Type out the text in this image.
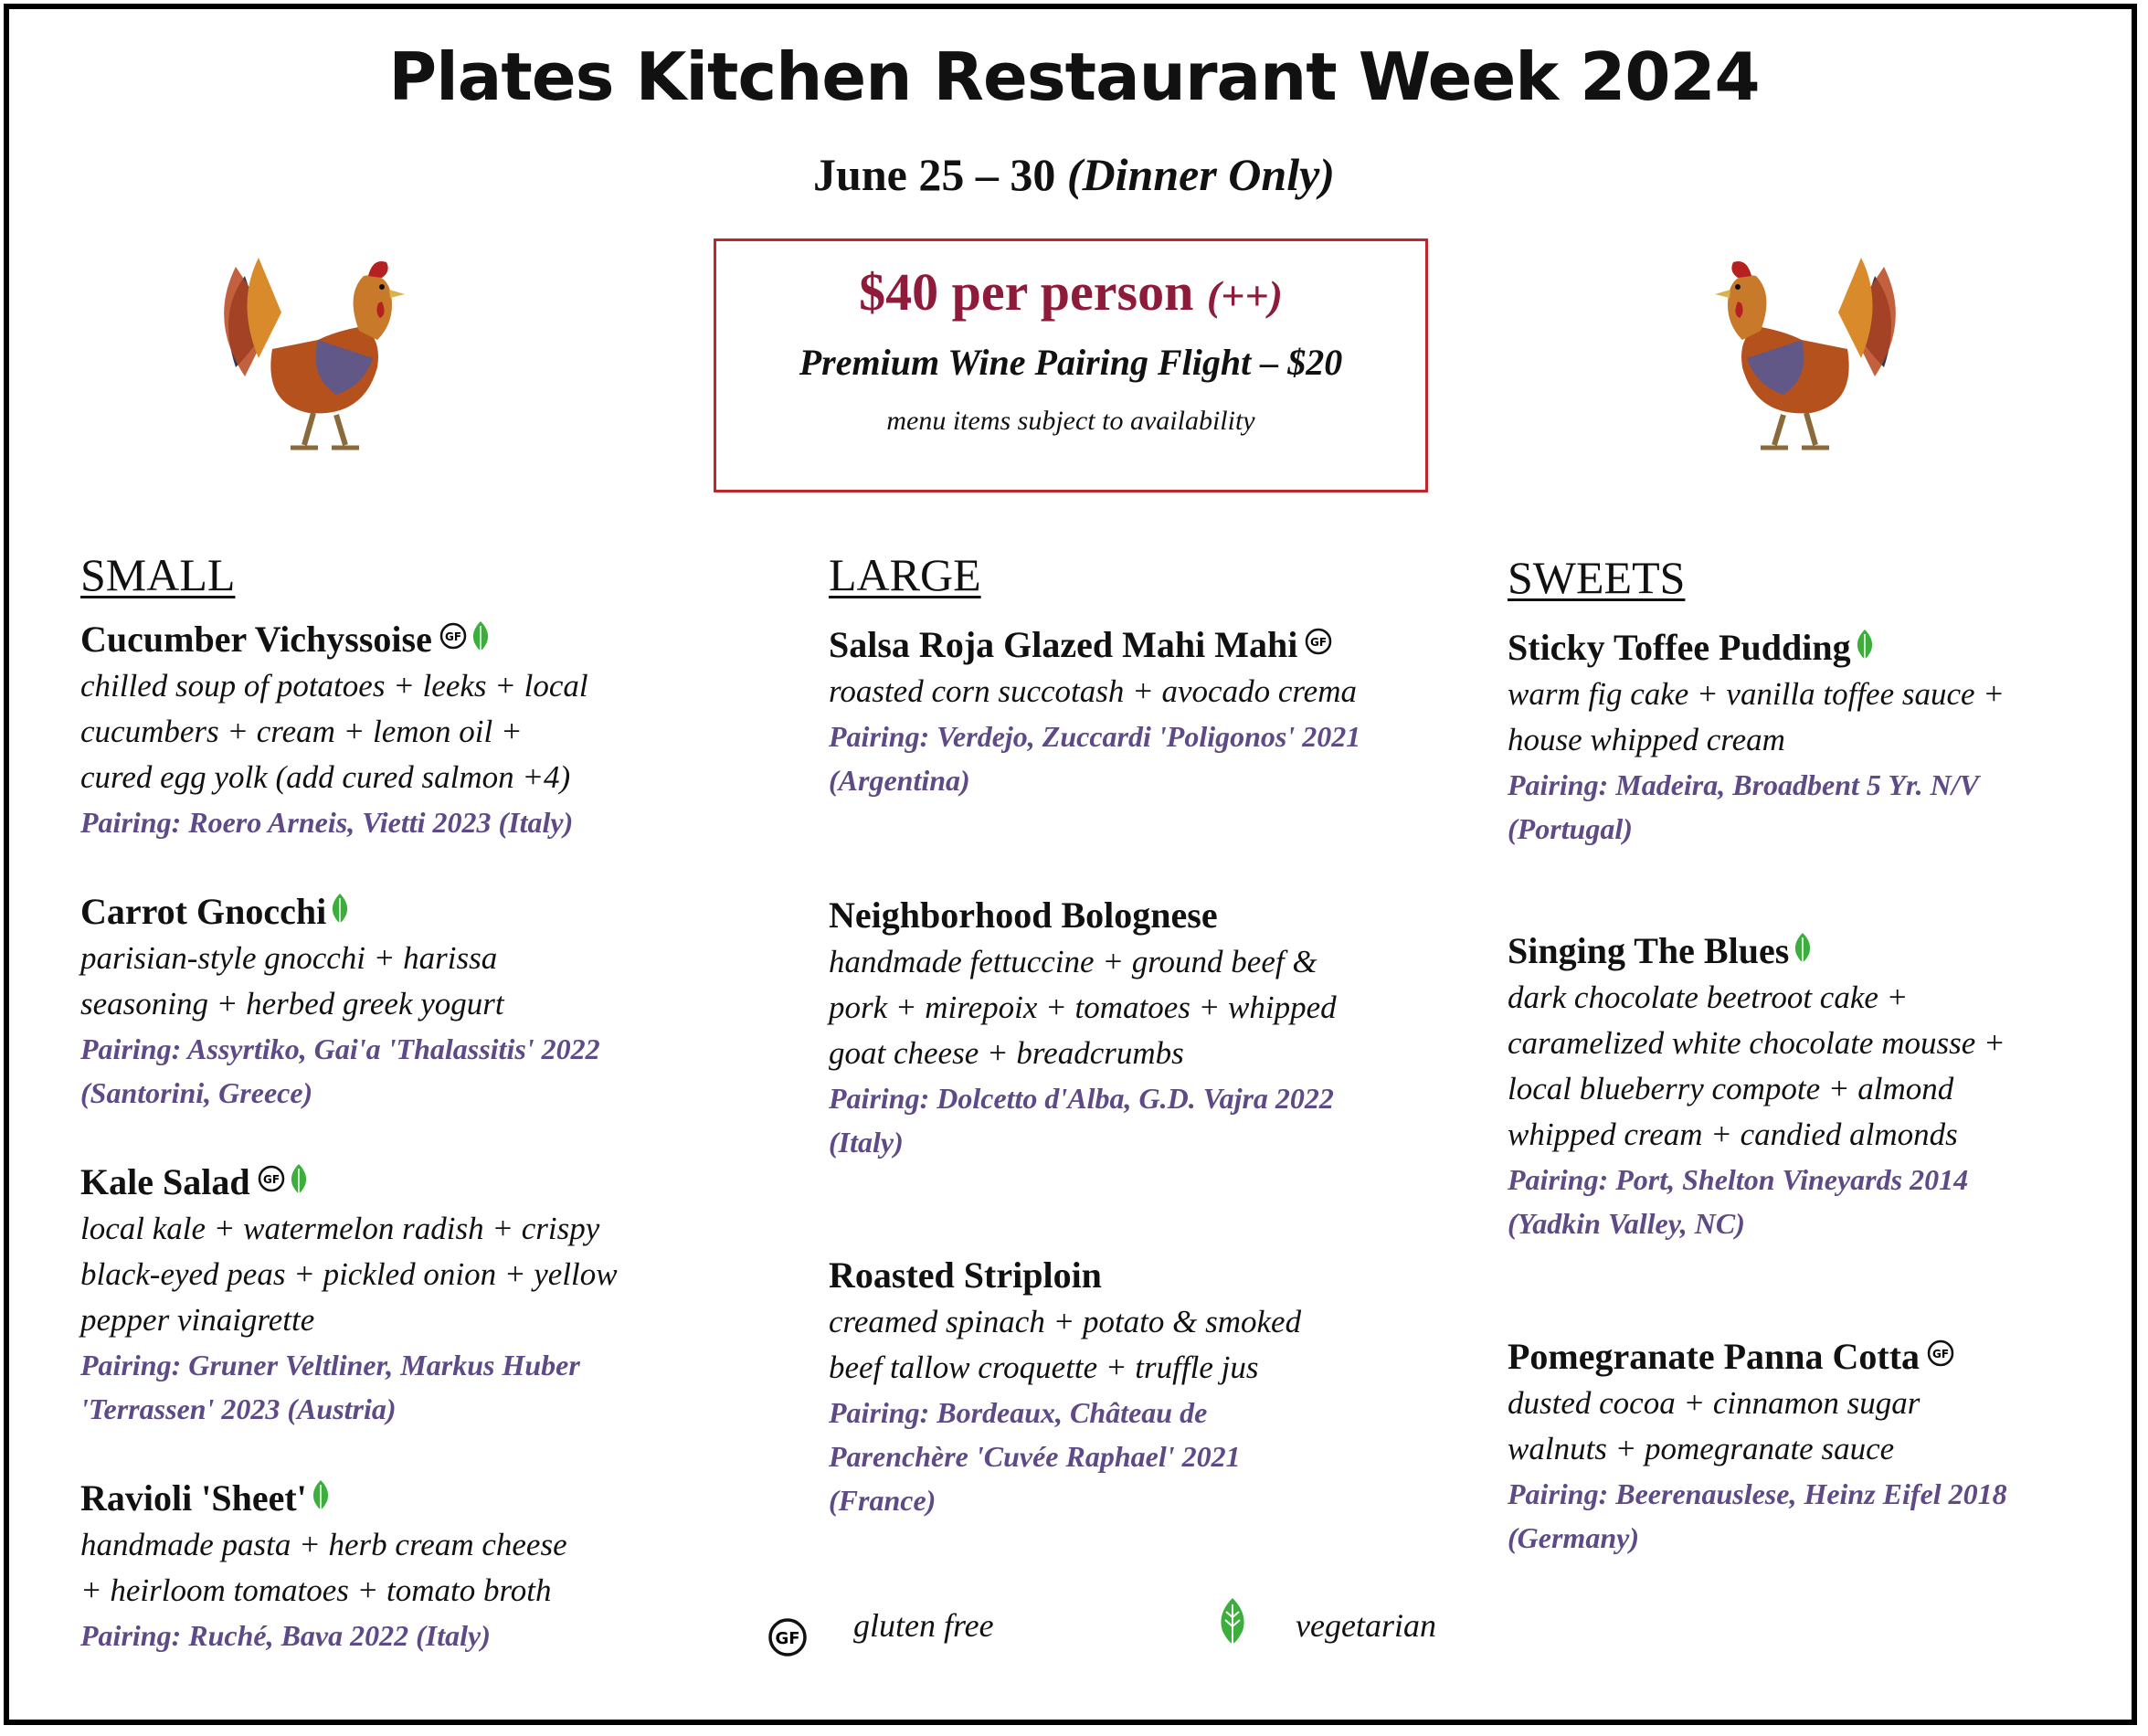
Plates Kitchen Restaurant Week 2024
June 25 – 30 (Dinner Only)
$40 per person (++)
Premium Wine Pairing Flight – $20
menu items subject to availability
SMALL
Cucumber Vichyssoise GF
chilled soup of potatoes + leeks + local
cucumbers + cream + lemon oil +
cured egg yolk (add cured salmon +4)
Pairing: Roero Arneis, Vietti 2023 (Italy)
Carrot Gnocchi
parisian-style gnocchi + harissa
seasoning + herbed greek yogurt
Pairing: Assyrtiko, Gai'a 'Thalassitis' 2022
(Santorini, Greece)
Kale Salad GF
local kale + watermelon radish + crispy
black-eyed peas + pickled onion + yellow
pepper vinaigrette
Pairing: Gruner Veltliner, Markus Huber
'Terrassen' 2023 (Austria)
Ravioli 'Sheet'
handmade pasta + herb cream cheese
+ heirloom tomatoes + tomato broth
Pairing: Ruché, Bava 2022 (Italy)
LARGE
Salsa Roja Glazed Mahi Mahi GF
roasted corn succotash + avocado crema
Pairing: Verdejo, Zuccardi 'Poligonos' 2021
(Argentina)
Neighborhood Bolognese
handmade fettuccine + ground beef &
pork + mirepoix + tomatoes + whipped
goat cheese + breadcrumbs
Pairing: Dolcetto d'Alba, G.D. Vajra 2022
(Italy)
Roasted Striploin
creamed spinach + potato & smoked
beef tallow croquette + truffle jus
Pairing: Bordeaux, Château de
Parenchère 'Cuvée Raphael' 2021
(France)
SWEETS
Sticky Toffee Pudding
warm fig cake + vanilla toffee sauce +
house whipped cream
Pairing: Madeira, Broadbent 5 Yr. N/V
(Portugal)
Singing The Blues
dark chocolate beetroot cake +
caramelized white chocolate mousse +
local blueberry compote + almond
whipped cream + candied almonds
Pairing: Port, Shelton Vineyards 2014
(Yadkin Valley, NC)
Pomegranate Panna Cotta GF
dusted cocoa + cinnamon sugar
walnuts + pomegranate sauce
Pairing: Beerenauslese, Heinz Eifel 2018
(Germany)
GF gluten free	vegetarian
